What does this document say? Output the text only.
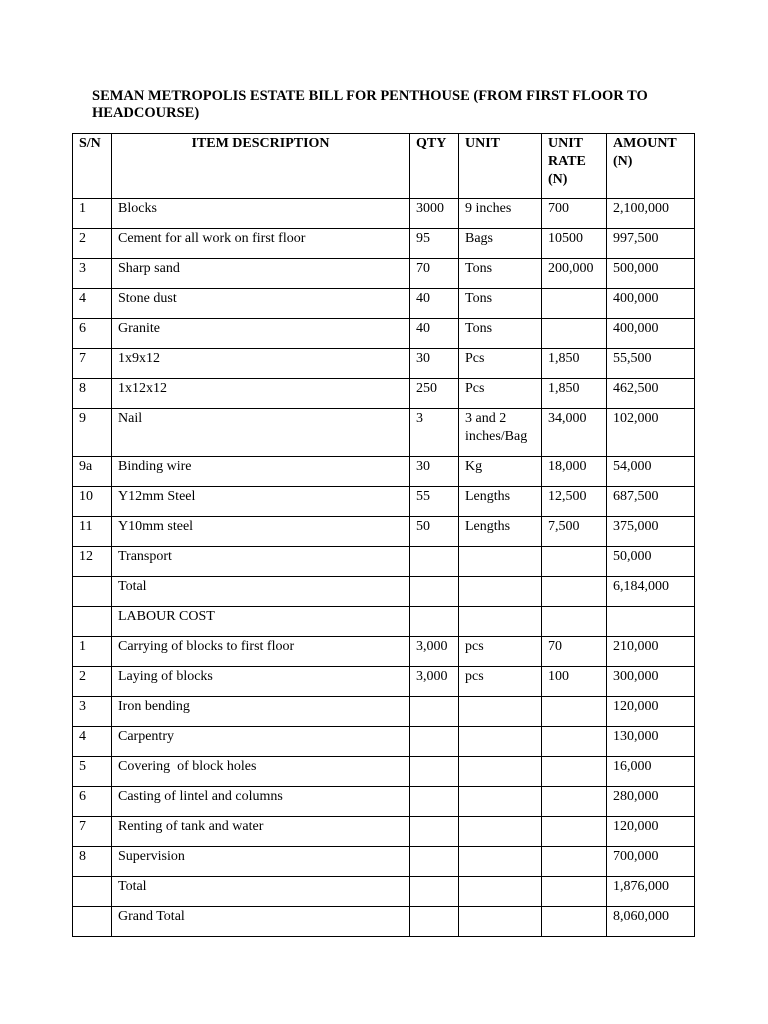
SEMAN METROPOLIS ESTATE BILL FOR PENTHOUSE (FROM FIRST FLOOR TO HEADCOURSE)
S/N	ITEM DESCRIPTION	QTY	UNIT	UNIT RATE (N)	AMOUNT (N)
1	Blocks	3000	9 inches	700	2,100,000
2	Cement for all work on first floor	95	Bags	10500	997,500
3	Sharp sand	70	Tons	200,000	500,000
4	Stone dust	40	Tons		400,000
6	Granite	40	Tons		400,000
7	1x9x12	30	Pcs	1,850	55,500
8	1x12x12	250	Pcs	1,850	462,500
9	Nail	3	3 and 2 inches/Bag	34,000	102,000
9a	Binding wire	30	Kg	18,000	54,000
10	Y12mm Steel	55	Lengths	12,500	687,500
11	Y10mm steel	50	Lengths	7,500	375,000
12	Transport				50,000
	Total				6,184,000
	LABOUR COST				
1	Carrying of blocks to first floor	3,000	pcs	70	210,000
2	Laying of blocks	3,000	pcs	100	300,000
3	Iron bending				120,000
4	Carpentry				130,000
5	Covering  of block holes				16,000
6	Casting of lintel and columns				280,000
7	Renting of tank and water				120,000
8	Supervision				700,000
	Total				1,876,000
	Grand Total				8,060,000
